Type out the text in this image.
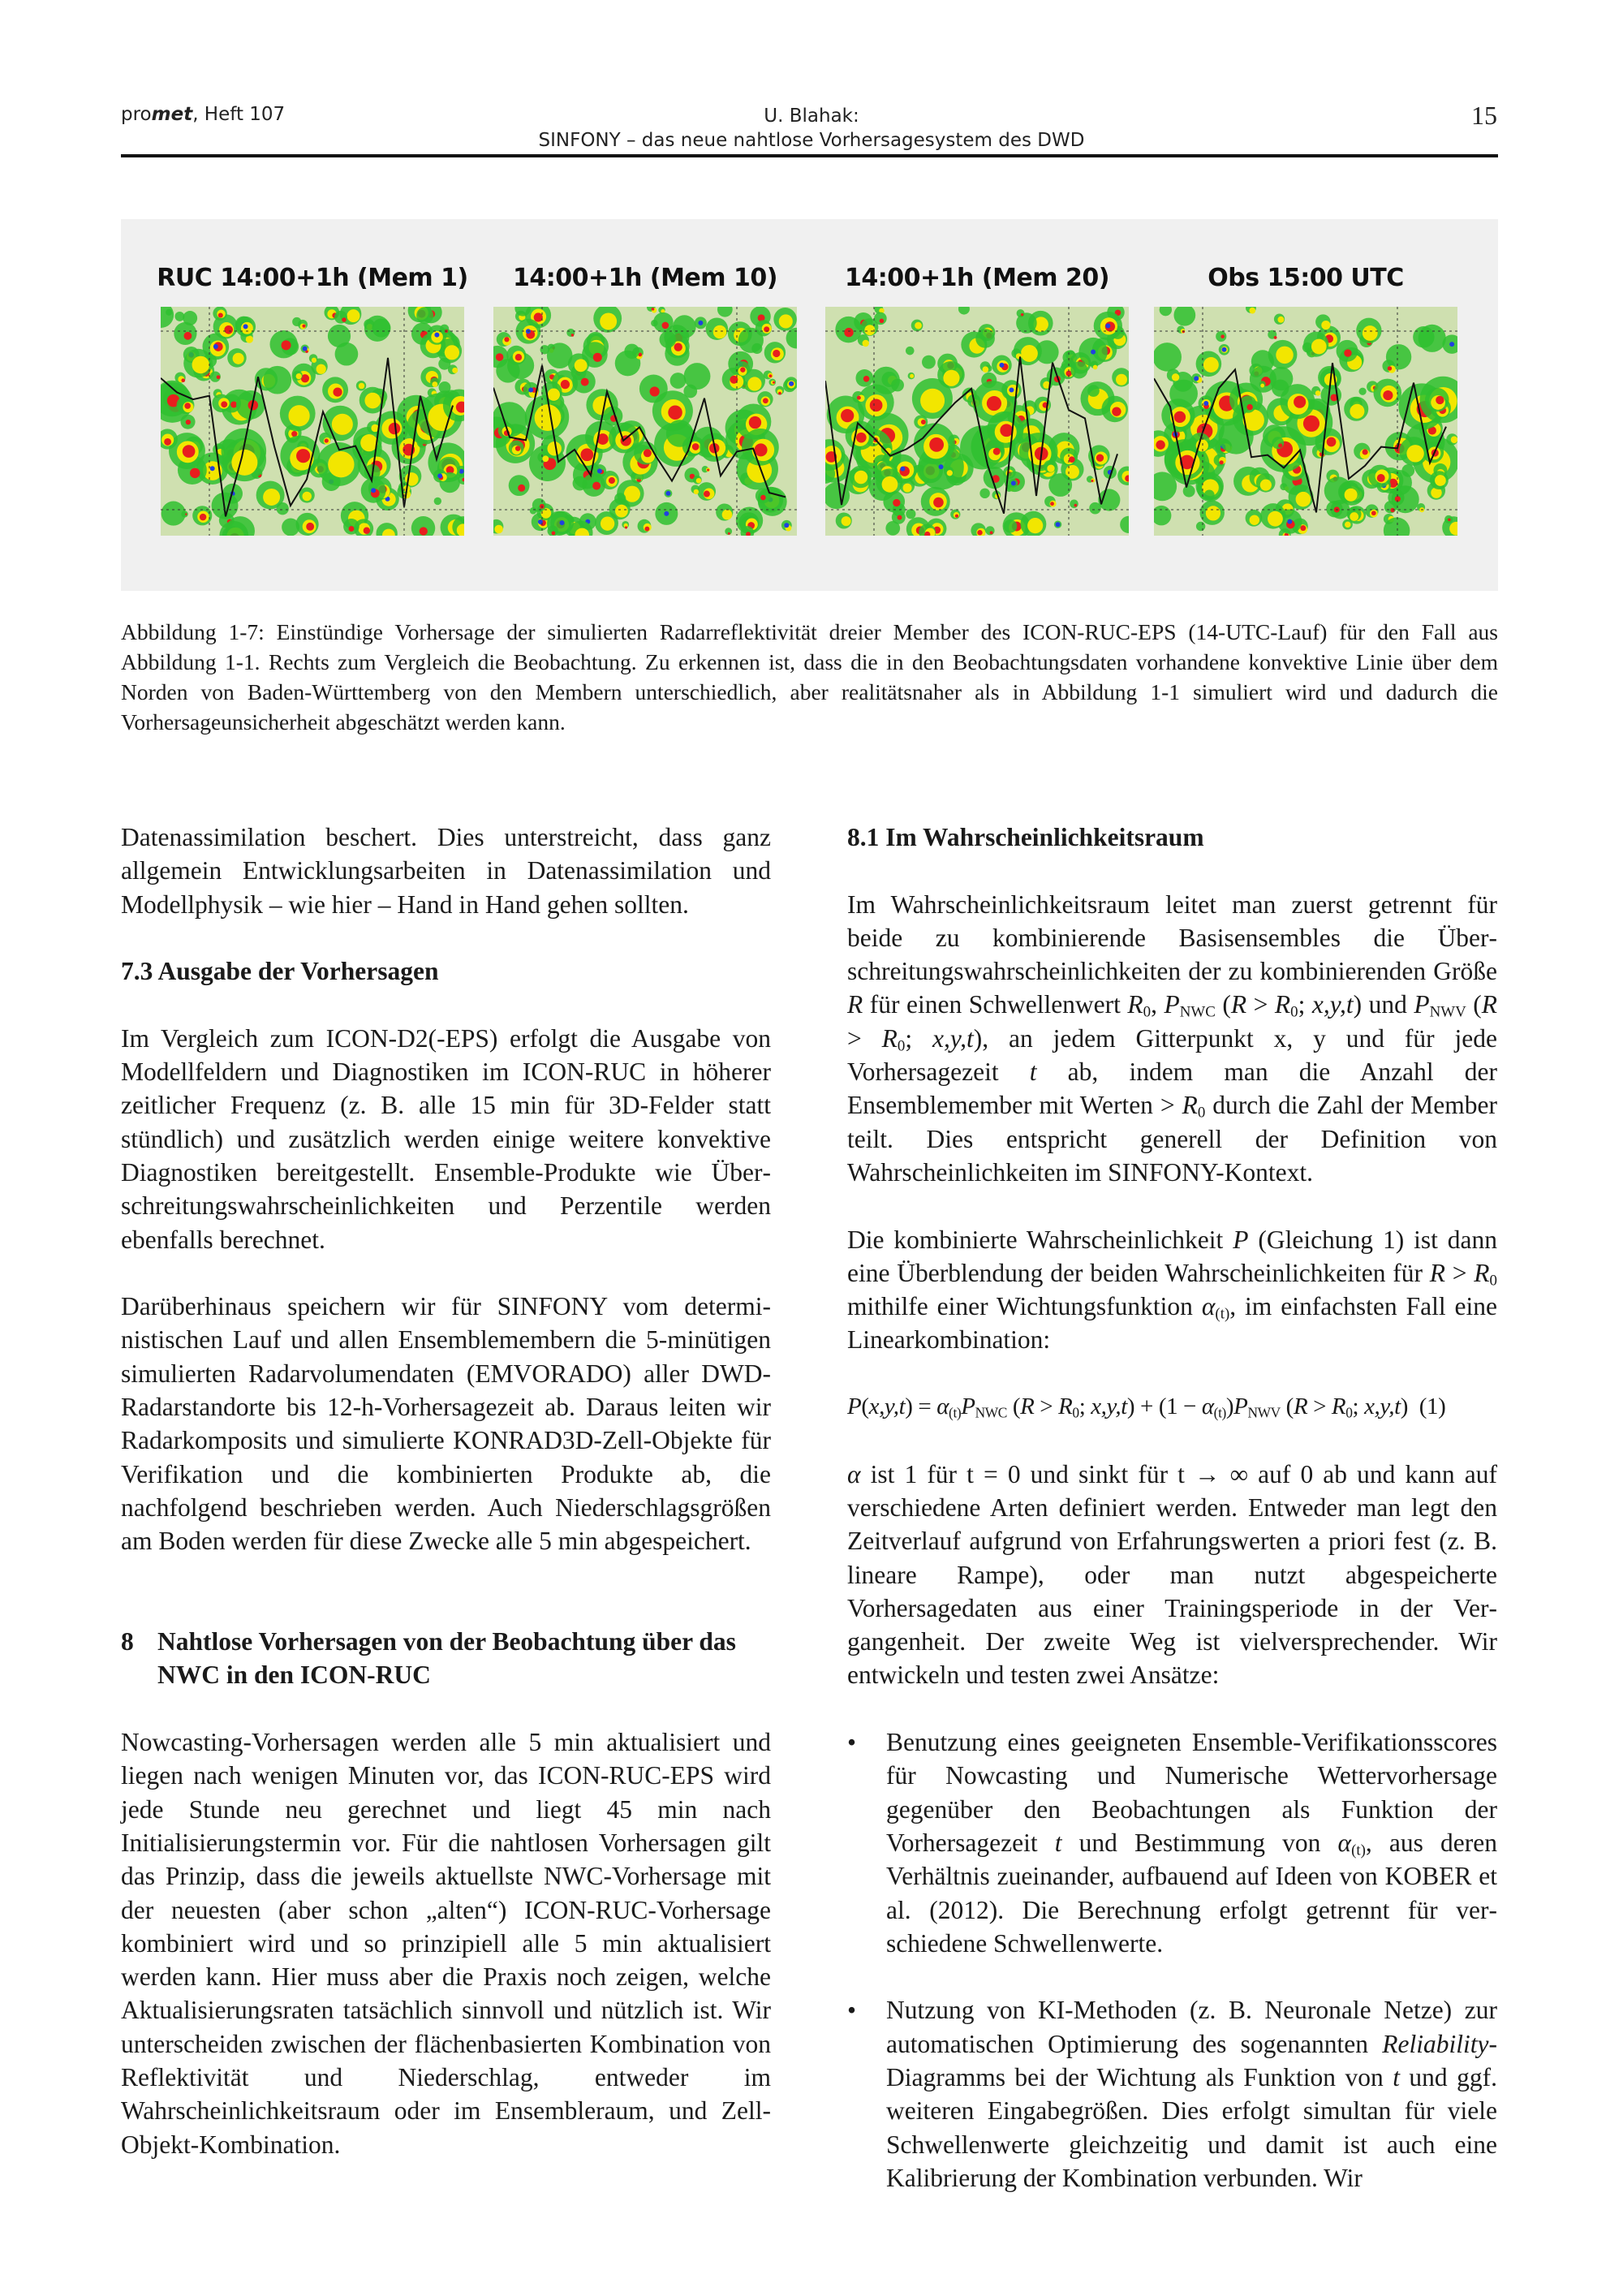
promet, Heft 107	U. Blahak:
SINFONY – das neue nahtlose Vorhersagesystem des DWD
15
RUC 14:00+1h (Mem 1)	14:00+1h (Mem 10)	14:00+1h (Mem 20)	Obs 15:00 UTC
Abbildung 1-7: Einstündige Vorhersage der simulierten Radarreflektivität dreier Member des ICON-RUC-EPS (14-UTC-Lauf) für den Fall aus Abbildung 1-1. Rechts zum Vergleich die Beobachtung. Zu erkennen ist, dass die in den Beobachtungsdaten vorhandene konvektive Linie über dem Norden von Baden-Württemberg von den Membern unterschiedlich, aber realitätsnaher als in Abbildung 1-1 simuliert wird und dadurch die Vorhersageunsicherheit abgeschätzt werden kann.

Datenassimilation beschert. Dies unterstreicht, dass ganz allgemein Entwicklungsarbeiten in Datenassimilation und Modellphysik – wie hier – Hand in Hand gehen sollten.

7.3 Ausgabe der Vorhersagen

Im Vergleich zum ICON-D2(-EPS) erfolgt die Ausgabe von Modellfeldern und Diagnostiken im ICON-RUC in höherer zeitlicher Frequenz (z. B. alle 15 min für 3D-Felder statt stündlich) und zusätzlich werden einige weitere konvektive Diagnostiken bereitgestellt. Ensemble-Produkte wie Überschreitungswahrscheinlichkeiten und Perzentile werden ebenfalls berechnet.

Darüberhinaus speichern wir für SINFONY vom deterministischen Lauf und allen Ensemblemembern die 5-minütigen simulierten Radarvolumendaten (EMVORADO) aller DWD-Radarstandorte bis 12-h-Vorhersagezeit ab. Daraus leiten wir Radarkomposits und simulierte KONRAD3D-Zell-Objekte für Verifikation und die kombinierten Produkte ab, die nachfolgend beschrieben werden. Auch Niederschlagsgrößen am Boden werden für diese Zwecke alle 5 min abgespeichert.

8 Nahtlose Vorhersagen von der Beobachtung über das NWC in den ICON-RUC

Nowcasting-Vorhersagen werden alle 5 min aktualisiert und liegen nach wenigen Minuten vor, das ICON-RUC-EPS wird jede Stunde neu gerechnet und liegt 45 min nach Initialisierungstermin vor. Für die nahtlosen Vorhersagen gilt das Prinzip, dass die jeweils aktuellste NWC-Vorhersage mit der neuesten (aber schon „alten“) ICON-RUC-Vorhersage kombiniert wird und so prinzipiell alle 5 min aktualisiert werden kann. Hier muss aber die Praxis noch zeigen, welche Aktualisierungsraten tatsächlich sinnvoll und nützlich ist. Wir unterscheiden zwischen der flächenbasierten Kombination von Reflektivität und Niederschlag, entweder im Wahrscheinlichkeitsraum oder im Ensembleraum, und Zell-Objekt-Kombination.

8.1 Im Wahrscheinlichkeitsraum

Im Wahrscheinlichkeitsraum leitet man zuerst getrennt für beide zu kombinierende Basisensembles die Überschreitungswahrscheinlichkeiten der zu kombinierenden Größe R für einen Schwellenwert $R_0$, $P_{NWC}$ ($R > R_0$; x,y,t) und $P_{NWV}$ ($R > R_0$; x,y,t), an jedem Gitterpunkt x, y und für jede Vorhersagezeit t ab, indem man die Anzahl der Ensemblemember mit Werten > $R_0$ durch die Zahl der Member teilt. Dies entspricht generell der Definition von Wahrscheinlichkeiten im SINFONY-Kontext.

Die kombinierte Wahrscheinlichkeit P (Gleichung 1) ist dann eine Überblendung der beiden Wahrscheinlichkeiten für $R > R_0$ mithilfe einer Wichtungsfunktion $\alpha_{(t)}$, im einfachsten Fall eine Linearkombination:

$P(x,y,t) = \alpha_{(t)}P_{NWC}$ ($R > R_0$; $x,y,t) + (1 - \alpha_{(t)})P_{NWV}$ ($R > R_0$; x,y,t)  (1)

α ist 1 für t = 0 und sinkt für t → ∞ auf 0 ab und kann auf verschiedene Arten definiert werden. Entweder man legt den Zeitverlauf aufgrund von Erfahrungswerten a priori fest (z. B. lineare Rampe), oder man nutzt abgespeicherte Vorhersagedaten aus einer Trainingsperiode in der Vergangenheit. Der zweite Weg ist vielversprechender. Wir entwickeln und testen zwei Ansätze:

•	Benutzung eines geeigneten Ensemble-Verifikationsscores für Nowcasting und Numerische Wettervorhersage gegenüber den Beobachtungen als Funktion der Vorhersagezeit t und Bestimmung von $\alpha_{(t)}$, aus deren Verhältnis zueinander, aufbauend auf Ideen von KOBER et al. (2012). Die Berechnung erfolgt getrennt für verschiedene Schwellenwerte.

•	Nutzung von KI-Methoden (z. B. Neuronale Netze) zur automatischen Optimierung des sogenannten Reliability- Diagramms bei der Wichtung als Funktion von t und ggf. weiteren Eingabegrößen. Dies erfolgt simultan für viele Schwellenwerte gleichzeitig und damit ist auch eine Kalibrierung der Kombination verbunden. Wir
